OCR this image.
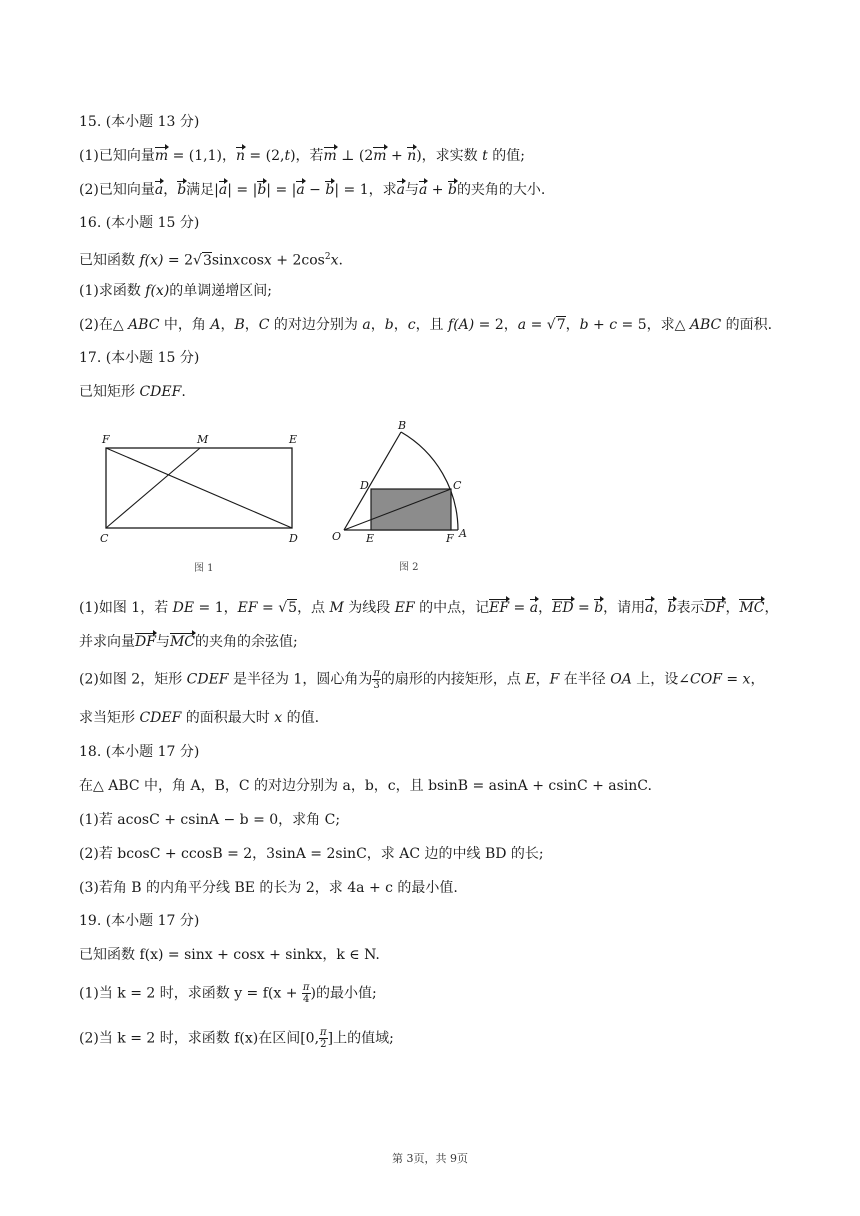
15. (本小题 13 分)
(1)已知向量m = (1,1)，n = (2,t)，若m ⊥ (2m + n)，求实数 t 的值;
(2)已知向量a，b满足|a| = |b| = |a − b| = 1，求a与a + b的夹角的大小.
16. (本小题 15 分)
已知函数 f(x) = 2√3sinxcosx + $2\cos^2x$.
(1)求函数 f(x)的单调递增区间;
(2)在△ ABC 中，角 A，B，C 的对边分别为 a，b，c，且 f(A) = 2，a = √7，b + c = 5，求△ ABC 的面积.
17. (本小题 15 分)
已知矩形 CDEF.
F	M	E
C	D
图 1
B
D	C
O E	F A
图 2
(1)如图 1，若 DE = 1，EF = √5，点 M 为线段 EF 的中点，记EF = a，ED = b，请用a，b表示DF，MC，
并求向量DF与MC的夹角的余弦值;
(2)如图 2，矩形 CDEF 是半径为 1，圆心角为 $\frac{\pi}{3}$ 的扇形的内接矩形，点 E，F 在半径 OA 上，设∠COF = x，
求当矩形 CDEF 的面积最大时 x 的值.
18. (本小题 17 分)
在△ ABC 中，角 A，B，C 的对边分别为 a，b，c，且 bsinB = asinA + csinC + asinC.
(1)若 acosC + csinA − b = 0，求角 C;
(2)若 bcosC + ccosB = 2，3sinA = 2sinC，求 AC 边的中线 BD 的长;
(3)若角 B 的内角平分线 BE 的长为 2，求 4a + c 的最小值.
19. (本小题 17 分)
已知函数 f(x) = sinx + cosx + sinkx，k ∈ N.
(1)当 k = 2 时，求函数 $y = f(x + \frac{\pi}{4}$ )的最小值;
(2)当 k = 2 时，求函数 f(x)在区间[0, $\frac{\pi}{2}$ ]上的值域;
第 3页，共 9页
